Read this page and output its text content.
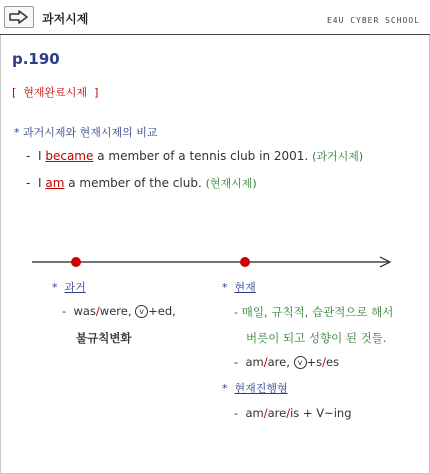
과저시제	E4U CYBER SCHOOL
p.190
[ 현재완료시제 ]
* 과거시제와 현재시제의 비교
- I became a member of a tennis club in 2001. (과거시제)
- I am a member of the club. (현재시제)
* 과거
- was/were, v +ed,
불규칙변화
* 현재
- 매일, 규칙적, 습관적으로 해서
버릇이 되고 성향이 된 것들.
- am/are, v +s/es
* 현재진행형
- am/are/is + V~ing
